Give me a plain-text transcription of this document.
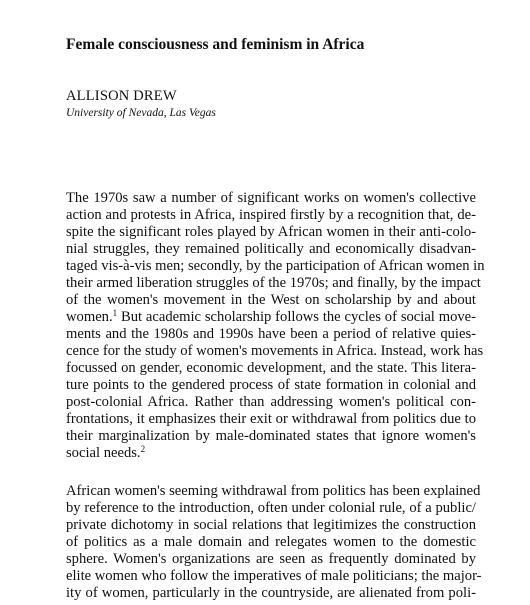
Female consciousness and feminism in Africa
ALLISON DREW
University of Nevada, Las Vegas
The 1970s saw a number of significant works on women's collective
action and protests in Africa, inspired firstly by a recognition that, de-
spite the significant roles played by African women in their anti-colo-
nial struggles, they remained politically and economically disadvan-
taged vis-à-vis men; secondly, by the participation of African women in
their armed liberation struggles of the 1970s; and finally, by the impact
of the women's movement in the West on scholarship by and about
women.$^1$ But academic scholarship follows the cycles of social move-
ments and the 1980s and 1990s have been a period of relative quies-
cence for the study of women's movements in Africa. Instead, work has
focussed on gender, economic development, and the state. This litera-
ture points to the gendered process of state formation in colonial and
post-colonial Africa. Rather than addressing women's political con-
frontations, it emphasizes their exit or withdrawal from politics due to
their marginalization by male-dominated states that ignore women's
social needs.$^2$
African women's seeming withdrawal from politics has been explained
by reference to the introduction, often under colonial rule, of a public/
private dichotomy in social relations that legitimizes the construction
of politics as a male domain and relegates women to the domestic
sphere. Women's organizations are seen as frequently dominated by
elite women who follow the imperatives of male politicians; the major-
ity of women, particularly in the countryside, are alienated from poli-
